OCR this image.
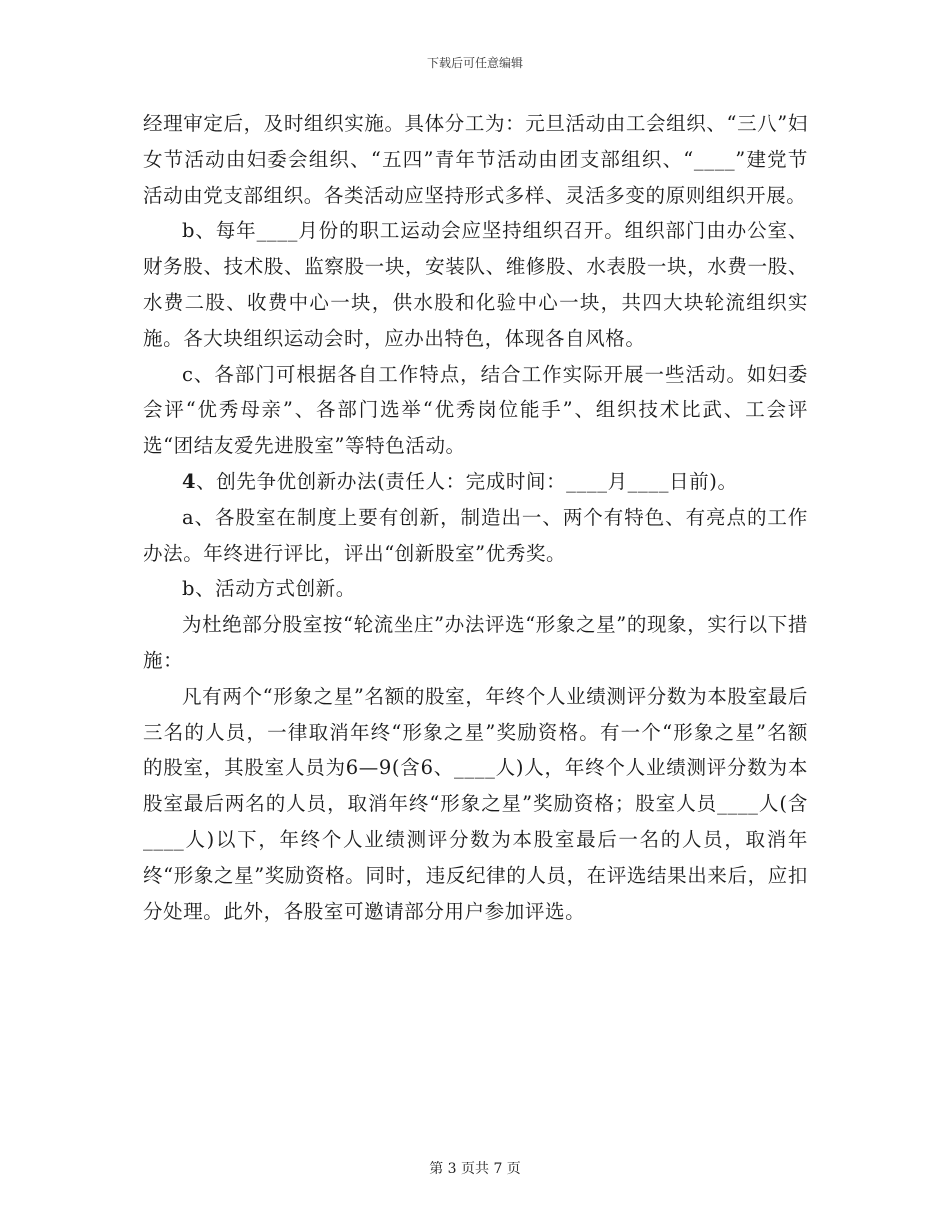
下载后可任意编辑

经理审定后，及时组织实施。具体分工为：元旦活动由工会组织、“三八”妇女节活动由妇委会组织、“五四”青年节活动由团支部组织、“____”建党节活动由党支部组织。各类活动应坚持形式多样、灵活多变的原则组织开展。

b、每年____月份的职工运动会应坚持组织召开。组织部门由办公室、财务股、技术股、监察股一块，安装队、维修股、水表股一块，水费一股、水费二股、收费中心一块，供水股和化验中心一块，共四大块轮流组织实施。各大块组织运动会时，应办出特色，体现各自风格。

c、各部门可根据各自工作特点，结合工作实际开展一些活动。如妇委会评“优秀母亲”、各部门选举“优秀岗位能手”、组织技术比武、工会评选“团结友爱先进股室”等特色活动。

4、创先争优创新办法(责任人：完成时间：____月____日前)。

a、各股室在制度上要有创新，制造出一、两个有特色、有亮点的工作办法。年终进行评比，评出“创新股室”优秀奖。

b、活动方式创新。

为杜绝部分股室按“轮流坐庄”办法评选“形象之星”的现象，实行以下措施：

凡有两个“形象之星”名额的股室，年终个人业绩测评分数为本股室最后三名的人员，一律取消年终“形象之星”奖励资格。有一个“形象之星”名额的股室，其股室人员为6—9(含6、____人)人，年终个人业绩测评分数为本股室最后两名的人员，取消年终“形象之星”奖励资格；股室人员____人(含____人)以下，年终个人业绩测评分数为本股室最后一名的人员，取消年终“形象之星”奖励资格。同时，违反纪律的人员，在评选结果出来后，应扣分处理。此外，各股室可邀请部分用户参加评选。

第 3 页共 7 页
